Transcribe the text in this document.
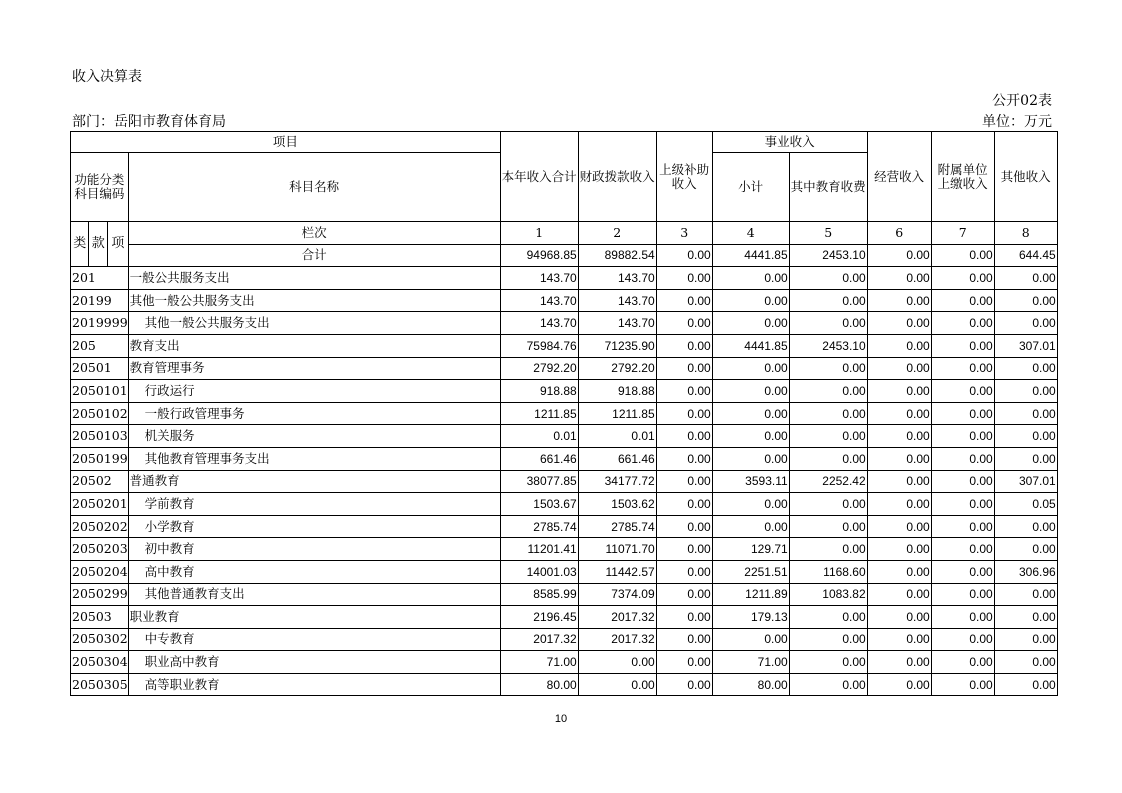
收入决算表
公开02表
部门：岳阳市教育体育局	单位：万元
项目				本年收入合计	财政拨款收入	上级补助收入	事业收入		经营收入	附属单位上缴收入	其他收入
功能分类科目编码			科目名称				小计	其中教育收费			

类	款	项	栏次	1	2	3	4	5	6	7	8
			合计	94968.85	89882.54	0.00	4441.85	2453.10	0.00	0.00	644.45
201			一般公共服务支出	143.70	143.70	0.00	0.00	0.00	0.00	0.00	0.00
20199			其他一般公共服务支出	143.70	143.70	0.00	0.00	0.00	0.00	0.00	0.00
2019999			其他一般公共服务支出	143.70	143.70	0.00	0.00	0.00	0.00	0.00	0.00
205			教育支出	75984.76	71235.90	0.00	4441.85	2453.10	0.00	0.00	307.01
20501			教育管理事务	2792.20	2792.20	0.00	0.00	0.00	0.00	0.00	0.00
2050101			行政运行	918.88	918.88	0.00	0.00	0.00	0.00	0.00	0.00
2050102			一般行政管理事务	1211.85	1211.85	0.00	0.00	0.00	0.00	0.00	0.00
2050103			机关服务	0.01	0.01	0.00	0.00	0.00	0.00	0.00	0.00
2050199			其他教育管理事务支出	661.46	661.46	0.00	0.00	0.00	0.00	0.00	0.00
20502			普通教育	38077.85	34177.72	0.00	3593.11	2252.42	0.00	0.00	307.01
2050201			学前教育	1503.67	1503.62	0.00	0.00	0.00	0.00	0.00	0.05
2050202			小学教育	2785.74	2785.74	0.00	0.00	0.00	0.00	0.00	0.00
2050203			初中教育	11201.41	11071.70	0.00	129.71	0.00	0.00	0.00	0.00
2050204			高中教育	14001.03	11442.57	0.00	2251.51	1168.60	0.00	0.00	306.96
2050299			其他普通教育支出	8585.99	7374.09	0.00	1211.89	1083.82	0.00	0.00	0.00
20503			职业教育	2196.45	2017.32	0.00	179.13	0.00	0.00	0.00	0.00
2050302			中专教育	2017.32	2017.32	0.00	0.00	0.00	0.00	0.00	0.00
2050304			职业高中教育	71.00	0.00	0.00	71.00	0.00	0.00	0.00	0.00
2050305			高等职业教育	80.00	0.00	0.00	80.00	0.00	0.00	0.00	0.00
10
